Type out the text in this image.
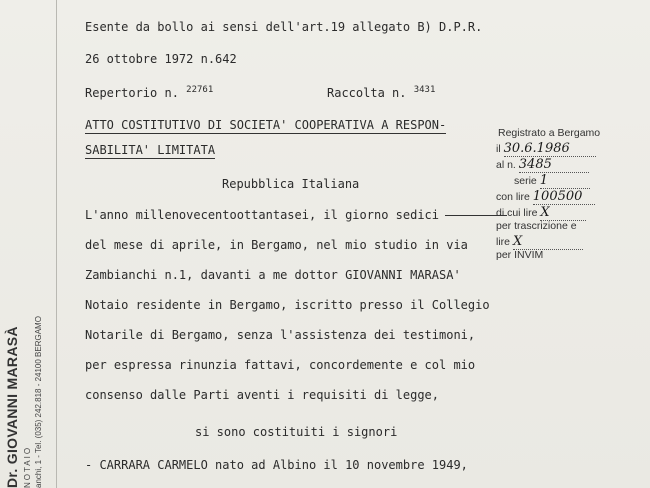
Dr. GIOVANNI MARASÀ NOTAIO anchi, 1 - Tel. (035) 242.818 - 24100 BERGAMO
Esente da bollo ai sensi dell'art.19 allegato B) D.P.R.
26 ottobre 1972 n.642
Repertorio n. $^{22761}$	Raccolta n. $^{3431}$
ATTO COSTITUTIVO DI SOCIETA' COOPERATIVA A RESPON-
SABILITA' LIMITATA
Repubblica Italiana
L'anno millenovecentoottantasei, il giorno sedici
del mese di aprile, in Bergamo, nel mio studio in via
Zambianchi n.1, davanti a me dottor GIOVANNI MARASA'
Notaio residente in Bergamo, iscritto presso il Collegio
Notarile di Bergamo, senza l'assistenza dei testimoni,
per espressa rinunzia fattavi, concordemente e col mio
consenso dalle Parti aventi i requisiti di legge,
si sono costituiti i signori
- CARRARA CARMELO nato ad Albino il 10 novembre 1949,
Registrato a Bergamo
il 30.6.1986
al n. 3485
serie 1
con lire 100500
di cui lire X
per trascrizione e
lire X
per INVIM
